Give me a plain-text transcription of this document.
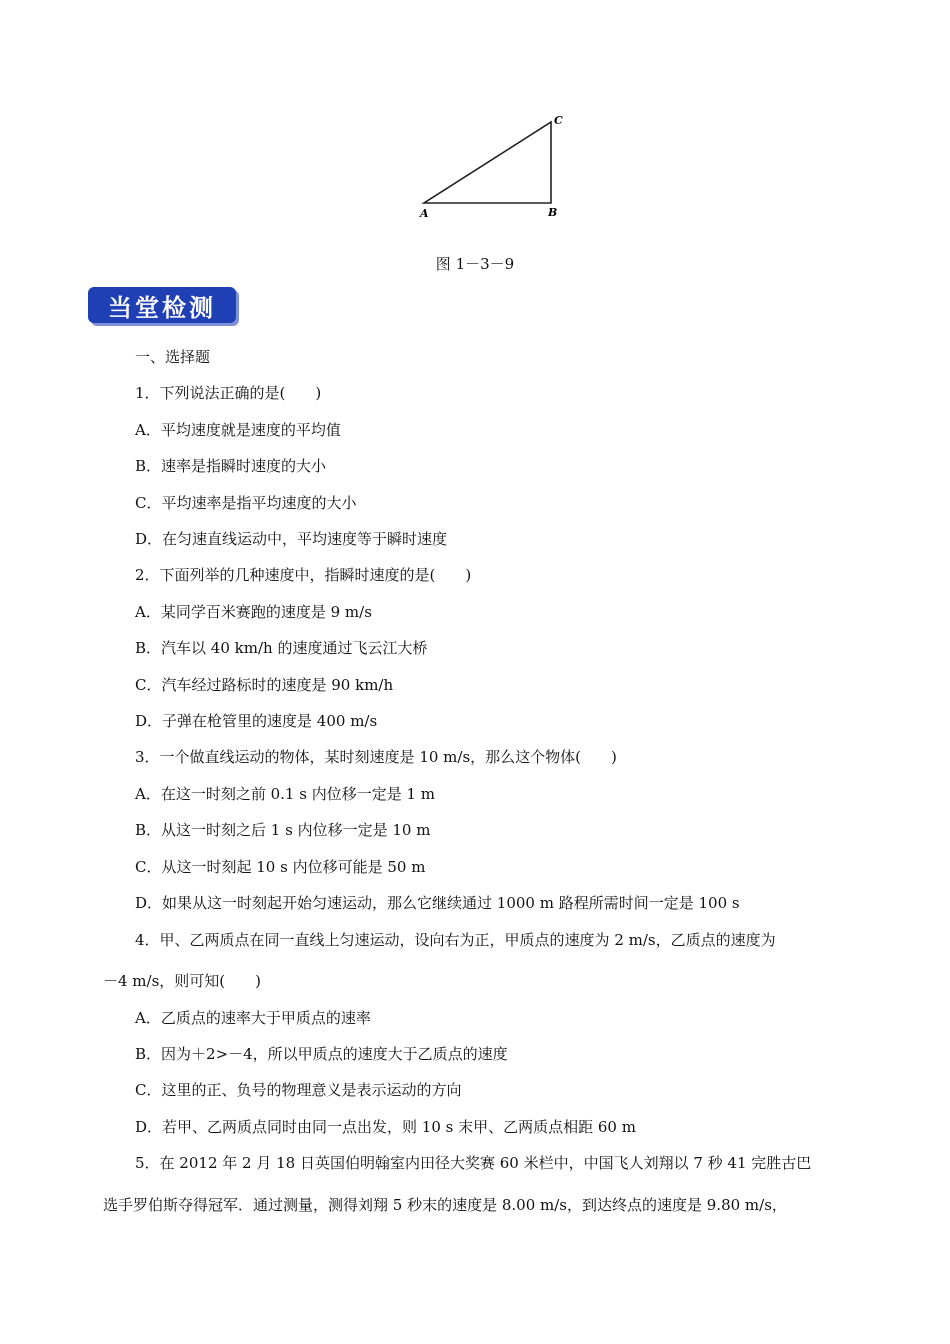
A	B
C
图 1－3－9
当堂检测
一、选择题
1．下列说法正确的是(　　)
A．平均速度就是速度的平均值
B．速率是指瞬时速度的大小
C．平均速率是指平均速度的大小
D．在匀速直线运动中，平均速度等于瞬时速度
2．下面列举的几种速度中，指瞬时速度的是(　　)
A．某同学百米赛跑的速度是 9 m/s
B．汽车以 40 km/h 的速度通过飞云江大桥
C．汽车经过路标时的速度是 90 km/h
D．子弹在枪管里的速度是 400 m/s
3．一个做直线运动的物体，某时刻速度是 10 m/s，那么这个物体(　　)
A．在这一时刻之前 0.1 s 内位移一定是 1 m
B．从这一时刻之后 1 s 内位移一定是 10 m
C．从这一时刻起 10 s 内位移可能是 50 m
D．如果从这一时刻起开始匀速运动，那么它继续通过 1000 m 路程所需时间一定是 100 s
4．甲、乙两质点在同一直线上匀速运动，设向右为正，甲质点的速度为 2 m/s，乙质点的速度为
－4 m/s，则可知(　　)
A．乙质点的速率大于甲质点的速率
B．因为＋2>－4，所以甲质点的速度大于乙质点的速度
C．这里的正、负号的物理意义是表示运动的方向
D．若甲、乙两质点同时由同一点出发，则 10 s 末甲、乙两质点相距 60 m
5．在 2012 年 2 月 18 日英国伯明翰室内田径大奖赛 60 米栏中，中国飞人刘翔以 7 秒 41 完胜古巴
选手罗伯斯夺得冠军．通过测量，测得刘翔 5 秒末的速度是 8.00 m/s，到达终点的速度是 9.80 m/s，
